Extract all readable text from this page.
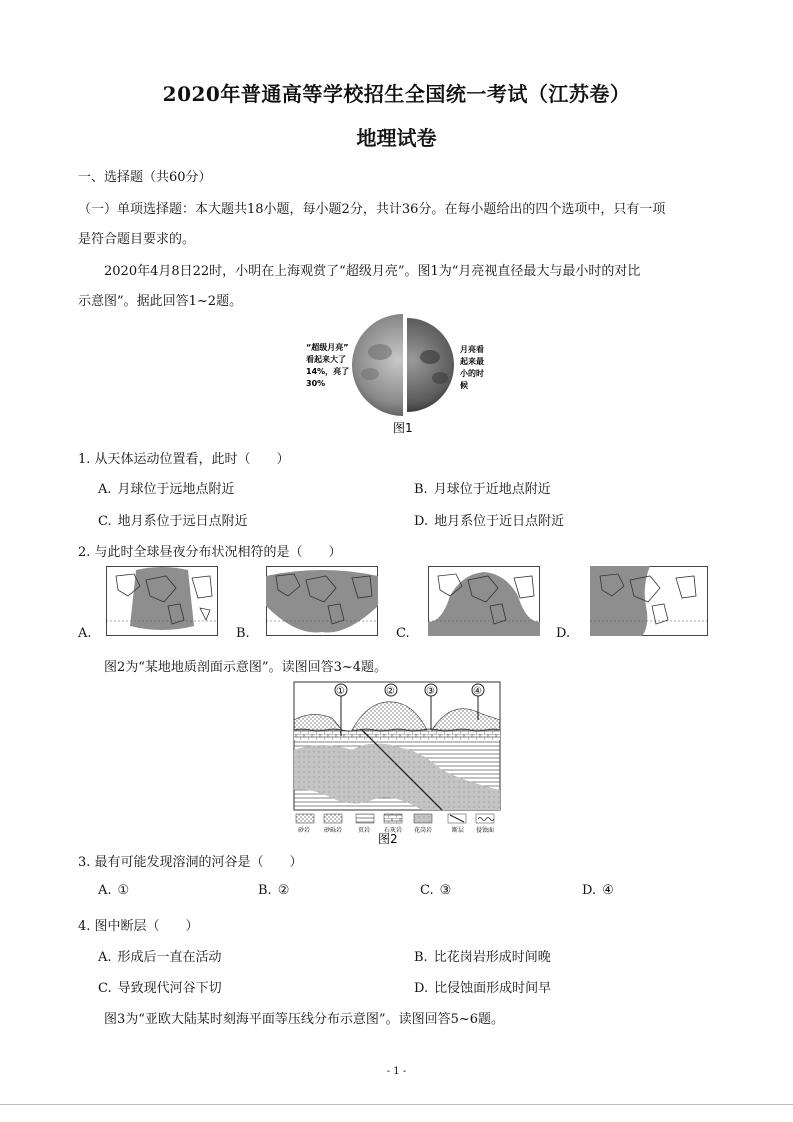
2020年普通高等学校招生全国统一考试（江苏卷）
地理试卷
一、选择题（共60分）
（一）单项选择题：本大题共18小题，每小题2分，共计36分。在每小题给出的四个选项中，只有一项
是符合题目要求的。
2020年4月8日22时，小明在上海观赏了“超级月亮”。图1为“月亮视直径最大与最小时的对比
示意图”。据此回答1~2题。
“超级月亮”
看起来大了
14%，亮了
30%
月亮看
起来最
小的时
候
图1
1. 从天体运动位置看，此时（　　）
A. 月球位于远地点附近	B. 月球位于近地点附近
C. 地月系位于远日点附近	D. 地月系位于近日点附近
2. 与此时全球昼夜分布状况相符的是（　　）
A.	B.	C.	D.
图2为“某地地质剖面示意图”。读图回答3~4题。
①	②	③	④
砂岩 砂砾岩	页岩 石灰岩 花岗岩	断层 侵蚀面
图2
3. 最有可能发现溶洞的河谷是（　　）
A. ①	B. ②	C. ③	D. ④
4. 图中断层（　　）
A. 形成后一直在活动	B. 比花岗岩形成时间晚
C. 导致现代河谷下切	D. 比侵蚀面形成时间早
图3为“亚欧大陆某时刻海平面等压线分布示意图”。读图回答5~6题。
- 1 -
